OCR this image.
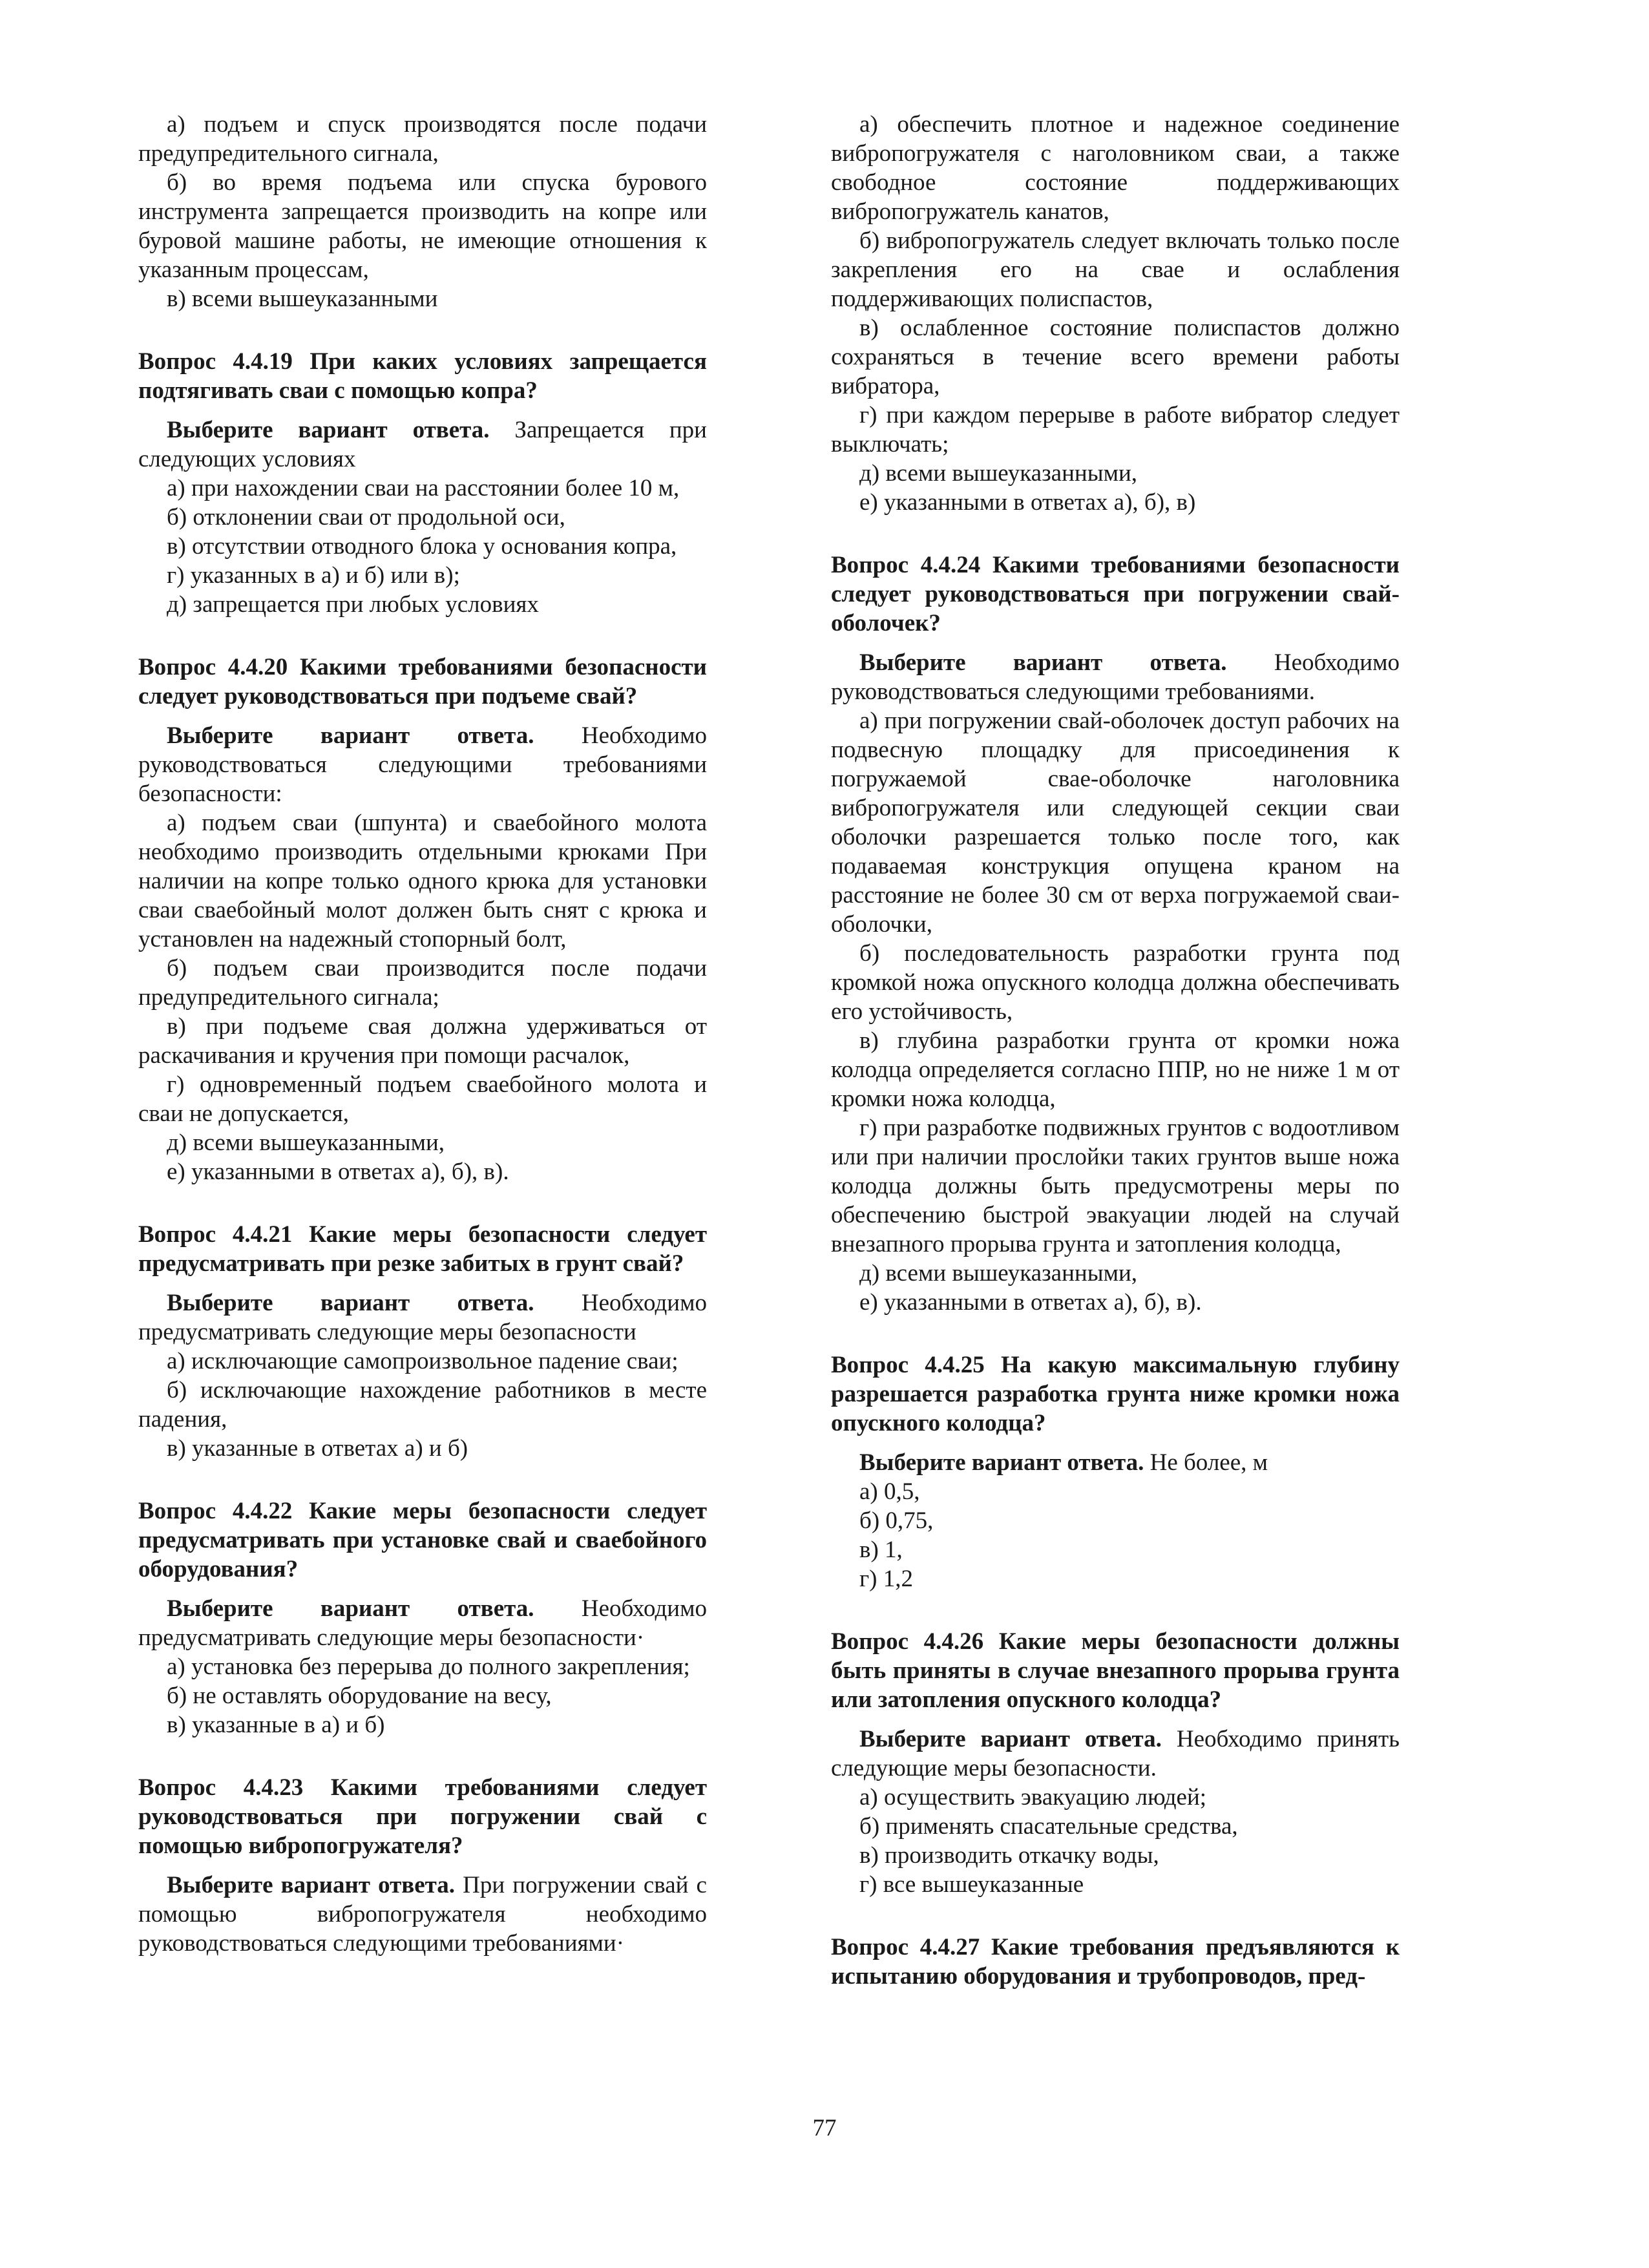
а) подъем и спуск производятся после подачи предупредительного сигнала,

б) во время подъема или спуска бурового инструмента запрещается производить на копре или буровой машине работы, не имеющие отношения к указанным процессам,

в) всеми вышеуказанными

Вопрос 4.4.19 При каких условиях запрещается подтягивать сваи с помощью копра?

Выберите вариант ответа. Запрещается при следующих условиях

а) при нахождении сваи на расстоянии более 10 м,

б) отклонении сваи от продольной оси,

в) отсутствии отводного блока у основания копра,

г) указанных в а) и б) или в);

д) запрещается при любых условиях

Вопрос 4.4.20 Какими требованиями безопасности следует руководствоваться при подъеме свай?

Выберите вариант ответа. Необходимо руководствоваться следующими требованиями безопасности:

а) подъем сваи (шпунта) и сваебойного молота необходимо производить отдельными крюками При наличии на копре только одного крюка для установки сваи сваебойный молот должен быть снят с крюка и установлен на надежный стопорный болт,

б) подъем сваи производится после подачи предупредительного сигнала;

в) при подъеме свая должна удерживаться от раскачивания и кручения при помощи расчалок,

г) одновременный подъем сваебойного молота и сваи не допускается,

д) всеми вышеуказанными,

е) указанными в ответах а), б), в).

Вопрос 4.4.21 Какие меры безопасности следует предусматривать при резке забитых в грунт свай?

Выберите вариант ответа. Необходимо предусматривать следующие меры безопасности

а) исключающие самопроизвольное падение сваи;

б) исключающие нахождение работников в месте падения,

в) указанные в ответах а) и б)

Вопрос 4.4.22 Какие меры безопасности следует предусматривать при установке свай и сваебойного оборудования?

Выберите вариант ответа. Необходимо предусматривать следующие меры безопасности·

а) установка без перерыва до полного закрепления;

б) не оставлять оборудование на весу,

в) указанные в а) и б)

Вопрос 4.4.23 Какими требованиями следует руководствоваться при погружении свай с помощью вибропогружателя?

Выберите вариант ответа. При погружении свай с помощью вибропогружателя необходимо руководствоваться следующими требованиями·

а) обеспечить плотное и надежное соединение вибропогружателя с наголовником сваи, а также свободное состояние поддерживающих вибропогружатель канатов,

б) вибропогружатель следует включать только после закрепления его на свае и ослабления поддерживающих полиспастов,

в) ослабленное состояние полиспастов должно сохраняться в течение всего времени работы вибратора,

г) при каждом перерыве в работе вибратор следует выключать;

д) всеми вышеуказанными,

е) указанными в ответах а), б), в)

Вопрос 4.4.24 Какими требованиями безопасности следует руководствоваться при погружении свай-оболочек?

Выберите вариант ответа. Необходимо руководствоваться следующими требованиями.

а) при погружении свай-оболочек доступ рабочих на подвесную площадку для присоединения к погружаемой свае-оболочке наголовника вибропогружателя или следующей секции сваи оболочки разрешается только после того, как подаваемая конструкция опущена краном на расстояние не более 30 см от верха погружаемой сваи-оболочки,

б) последовательность разработки грунта под кромкой ножа опускного колодца должна обеспечивать его устойчивость,

в) глубина разработки грунта от кромки ножа колодца определяется согласно ППР, но не ниже 1 м от кромки ножа колодца,

г) при разработке подвижных грунтов с водоотливом или при наличии прослойки таких грунтов выше ножа колодца должны быть предусмотрены меры по обеспечению быстрой эвакуации людей на случай внезапного прорыва грунта и затопления колодца,

д) всеми вышеуказанными,

е) указанными в ответах а), б), в).

Вопрос 4.4.25 На какую максимальную глубину разрешается разработка грунта ниже кромки ножа опускного колодца?

Выберите вариант ответа. Не более, м

а) 0,5,

б) 0,75,

в) 1,

г) 1,2

Вопрос 4.4.26 Какие меры безопасности должны быть приняты в случае внезапного прорыва грунта или затопления опускного колодца?

Выберите вариант ответа. Необходимо принять следующие меры безопасности.

а) осуществить эвакуацию людей;

б) применять спасательные средства,

в) производить откачку воды,

г) все вышеуказанные

Вопрос 4.4.27 Какие требования предъявляются к испытанию оборудования и трубопроводов, пред-

77
